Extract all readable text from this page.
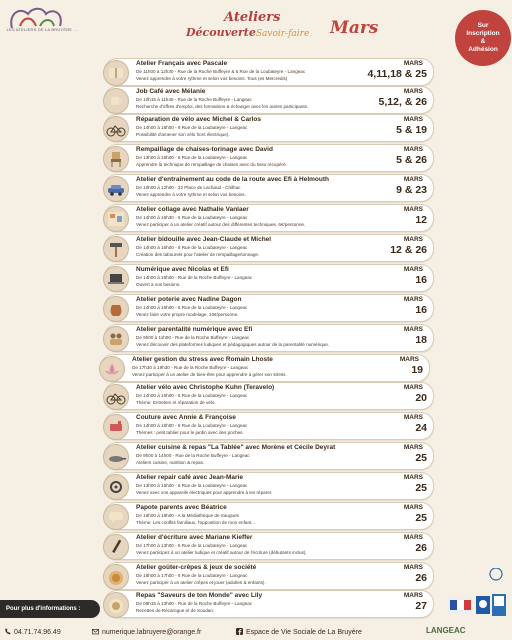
LES ATELIERS DE LA BRUYÈRE ...
Ateliers
DécouverteSavoir-faire Mars	Sur
Inscription
&
Adhésion
Atelier Français avec Pascale
De 11h00 à 12h30 - Rue de la Roche Buffeyre & 6 Rue de la Loubateyre - Langeac
Venez apprendre à votre rythme et selon vos besoins. Tous (es Mercredis)
MARS
4,11,18 & 25
Job Café avec Mélanie
De 10h15 à 11h45 - Rue de la Roche Buffeyre - Langeac
Recherche d'offres d'emploi, des formations & échanger avec les autres participants.
MARS
5,12, & 26
Réparation de vélo avec Michel & Carlos
De 14h00 à 16h00 - 6 Rue de la Loubateyre - Langeac
Possibilité d'amener son vélo hors électrique).
MARS
5 & 19
Rempaillage de chaises-torinage avec David
De 13h00 à 16h00 - 6 Rue de la Loubateyre - Langeac
Apprendre la technique de rempaillage de chaises avec du tissu récupéré.
MARS
5 & 26
Atelier d'entraînement au code de la route avec Efi à Helmouth
De 10h00 à 12h00 - 32 Place de Lachaud - Chilhac
Venez apprendre à votre rythme et selon vos besoins.
MARS
9 & 23
Atelier collage avec Nathalie Vanlaer
De 14h00 à 16h30 - 6 Rue de la Loubateyre - Langeac
Venez participer à un atelier créatif autour des différentes techniques. 6€/personne.
MARS
12
Atelier bidouille avec Jean-Claude et Michel
De 14h00 à 16h00 - 6 Rue de la Loubateyre - Langeac
Création des tabourets pour l'atelier de rempaillage/tonnage.
MARS
12 & 26
Numérique avec Nicolas et Efi
De 14h00 à 16h00 - Rue de la Roche Buffeyre - Langeac
Ouvert à vos besoins.
MARS
16
Atelier poterie avec Nadine Dagon
De 14h00 à 16h00 - 6 Rue de la Loubateyre - Langeac
Venez faire votre propre modelage. 10€/personne.
MARS
16
Atelier parentalité numérique avec Efi
De 9h00 à 11h00 - Rue de la Roche Buffeyre - Langeac
Venez découvrir des plateformes ludiques et pédagogiques autour de la parentalité numérique.
MARS
18
Atelier gestion du stress avec Romain Lhoste
De 17h30 à 19h30 - Rue de la Roche Buffeyre - Langeac
Venez participer à un atelier de bien-être pour apprendre à gérer son stress.
MARS
19
Atelier vélo avec Christophe Kuhn (Teravelo)
De 14h00 à 16h00 - 6 Rue de la Loubateyre - Langeac
Thème: Entretien et réparation de vélo.
MARS
20
Couture avec Annie & Françoise
De 14h00 à 16h00 - 6 Rue de la Loubateyre - Langeac
Thèmes : petit tablier pour le jardin avec des poches.
MARS
24
Atelier cuisine & repas "La Tablée" avec Morène et Cécile Deyrat
De 9h00 à 14h00 - Rue de la Roche Buffeyre - Langeac
Ateliers cuisine, nutrition & repas.
MARS
25
Atelier repair café avec Jean-Marie
De 13h00 à 16h00 - 6 Rue de la Loubateyre - Langeac
Venez avec vos appareils électriques pour apprendre à les réparer.
MARS
25
Papote parents avec Béatrice
De 16h00 à 18h00 - A la Médiathèque de Saugues
Thème: Les conflits familiaux, l'opposition de mon enfant...
MARS
25
Atelier d'écriture avec Mariane Kieffer
De 17h00 à 13h00 - 6 Rue de la Loubateyre - Langeac
Venez participez à un atelier ludique et créatif autour de l'écriture (débutants inclus).
MARS
26
Atelier goûter-crêpes & jeux de société
De 16h00 à 17h00 - 6 Rue de la Loubateyre - Langeac
Venez participer à un atelier crêpes et jouer (adultes & enfants).
MARS
26
Repas "Saveurs de ton Monde" avec Lily
De 08h15 à 13h00 - Rue de la Roche Buffeyre - Langeac
Recettes de Récarogue et de Soudan.
MARS
27
Pour plus d'informations :
04.71.74.96.49	numerique.labruyere@orange.fr	Espace de Vie Sociale de La Bruyère	LANGEAC
